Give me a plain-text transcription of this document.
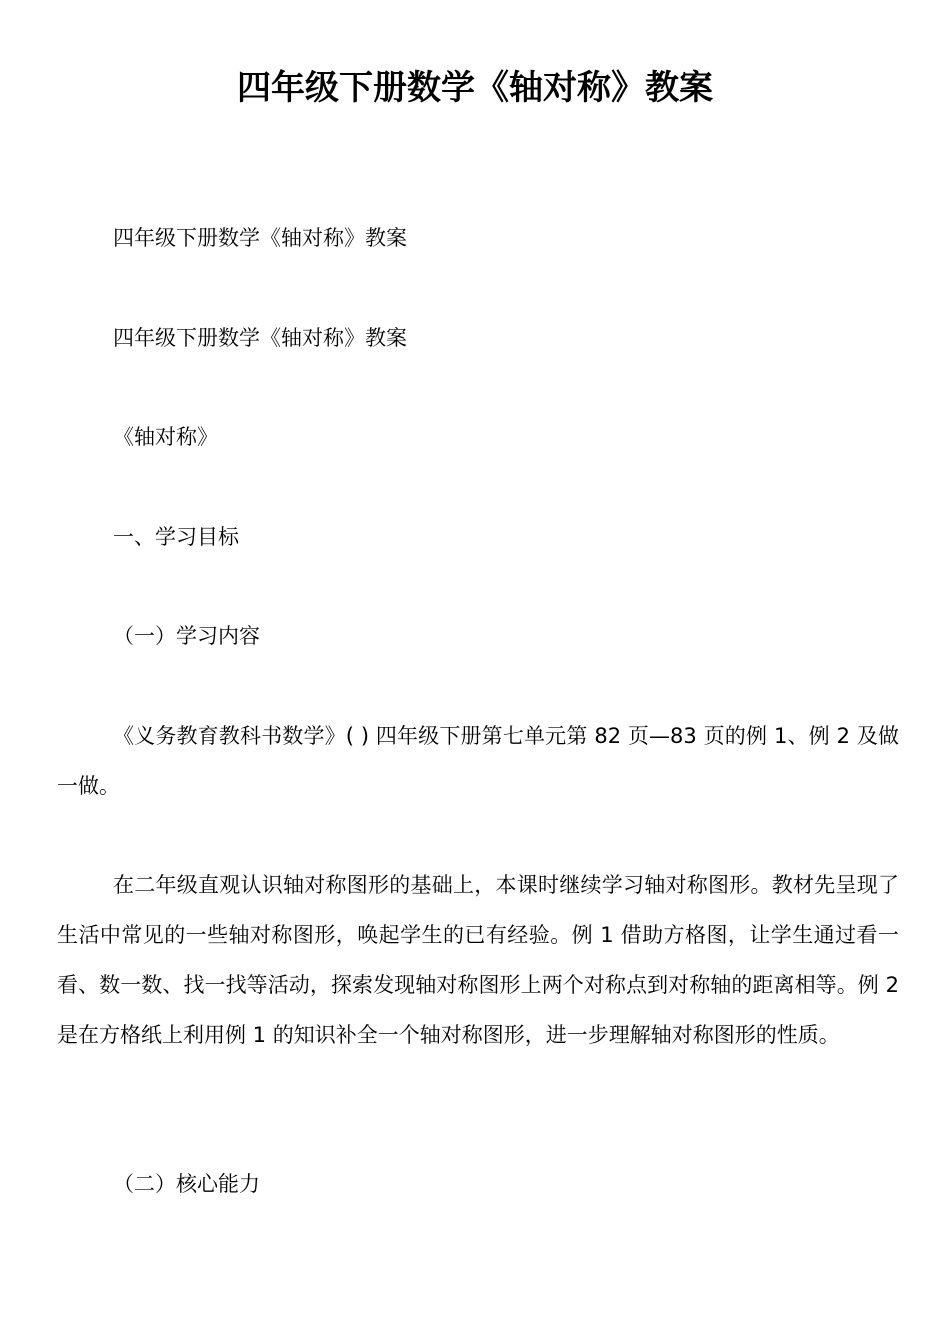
四年级下册数学《轴对称》教案

四年级下册数学《轴对称》教案

四年级下册数学《轴对称》教案

《轴对称》

一、学习目标

（一）学习内容

《义务教育教科书数学》( ) 四年级下册第七单元第 82 页—83 页的例 1、例 2 及做一做。

在二年级直观认识轴对称图形的基础上，本课时继续学习轴对称图形。教材先呈现了生活中常见的一些轴对称图形，唤起学生的已有经验。例 1 借助方格图，让学生通过看一看、数一数、找一找等活动，探索发现轴对称图形上两个对称点到对称轴的距离相等。例 2 是在方格纸上利用例 1 的知识补全一个轴对称图形，进一步理解轴对称图形的性质。

（二）核心能力
